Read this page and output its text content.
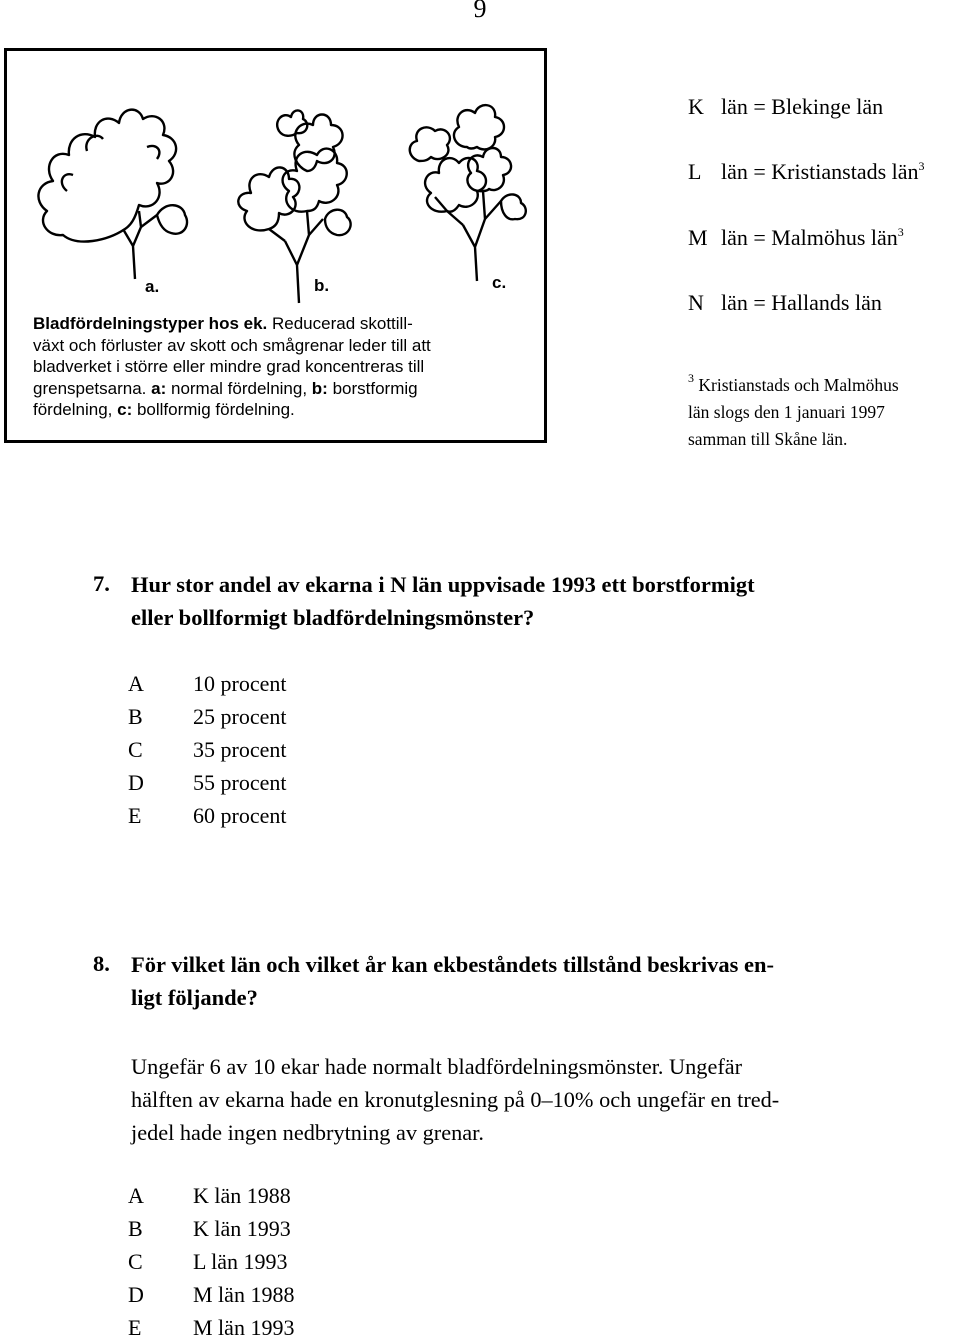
9
a.	b.	c.
Bladfördelningstyper hos ek. Reducerad skottill-
växt och förluster av skott och smågrenar leder till att
bladverket i större eller mindre grad koncentreras till
grenspetsarna. a: normal fördelning, b: borstformig
fördelning, c: bollformig fördelning.
K län = Blekinge län
L län = Kristianstads län$^3$
M län = Malmöhus län$^3$
N län = Hallands län
$^3$ Kristianstads och Malmöhus
län slogs den 1 januari 1997
samman till Skåne län.
7. Hur stor andel av ekarna i N län uppvisade 1993 ett borstformigt
eller bollformigt bladfördelningsmönster?
A 10 procent
B 25 procent
C 35 procent
D 55 procent
E 60 procent
8. För vilket län och vilket år kan ekbeståndets tillstånd beskrivas en-
ligt följande?
Ungefär 6 av 10 ekar hade normalt bladfördelningsmönster. Ungefär
hälften av ekarna hade en kronutglesning på 0–10% och ungefär en tred-
jedel hade ingen nedbrytning av grenar.
A K län 1988
B K län 1993
C L län 1993
D M län 1988
E M län 1993
